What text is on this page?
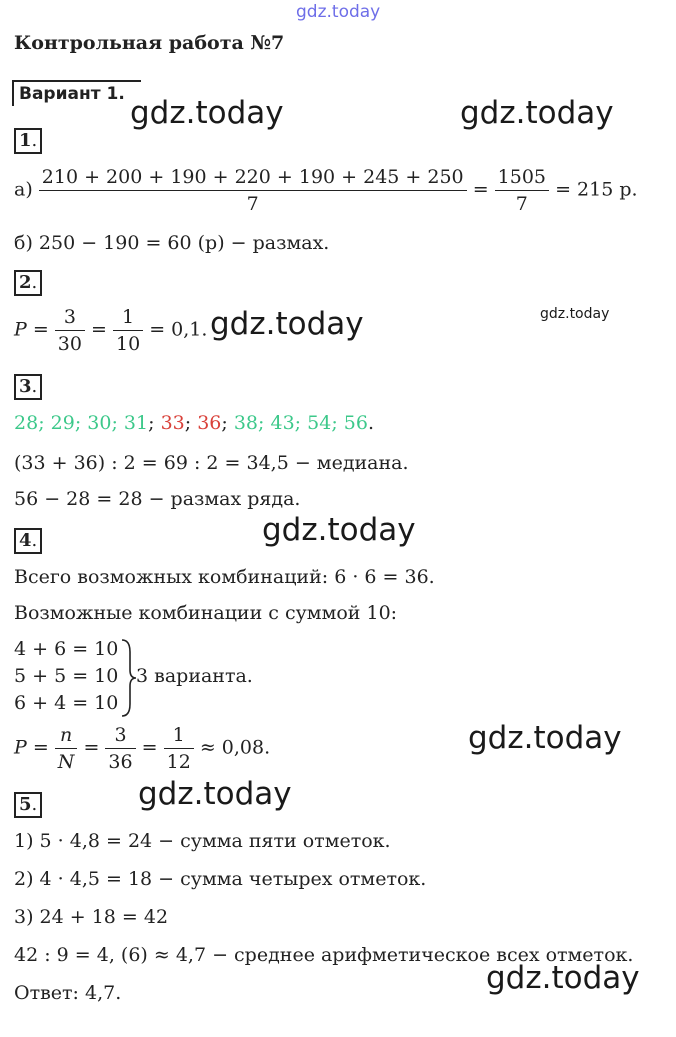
gdz.today
gdz.today	gdz.today
gdz.today	gdz.today
gdz.today
gdz.today
gdz.today
gdz.today
Контрольная работа №7
Вариант 1.
1.
$а) \frac{210 + 200 + 190 + 220 + 190 + 245 + 250}{7} = \frac{1505}{7} = 215$ р.
б) 250 − 190 = 60 (р) − размах.
2.
$P = \frac{3}{30} = \frac{1}{10} = 0,1$.
3.
28; 29; 30; 31; 33; 36; 38; 43; 54; 56.
(33 + 36) : 2 = 69 : 2 = 34,5 − медиана.
56 − 28 = 28 − размах ряда.
4.
Всего возможных комбинаций: 6 · 6 = 36.
Возможные комбинации с суммой 10:
4 + 6 = 10
5 + 5 = 10
6 + 4 = 10
3 варианта.
$P = \frac{n}{N} = \frac{3}{36} = \frac{1}{12} \approx 0,08$.
5.
1) 5 · 4,8 = 24 − сумма пяти отметок.
2) 4 · 4,5 = 18 − сумма четырех отметок.
3) 24 + 18 = 42
42 : 9 = 4, (6) ≈ 4,7 − среднее арифметическое всех отметок.
Ответ: 4,7.
